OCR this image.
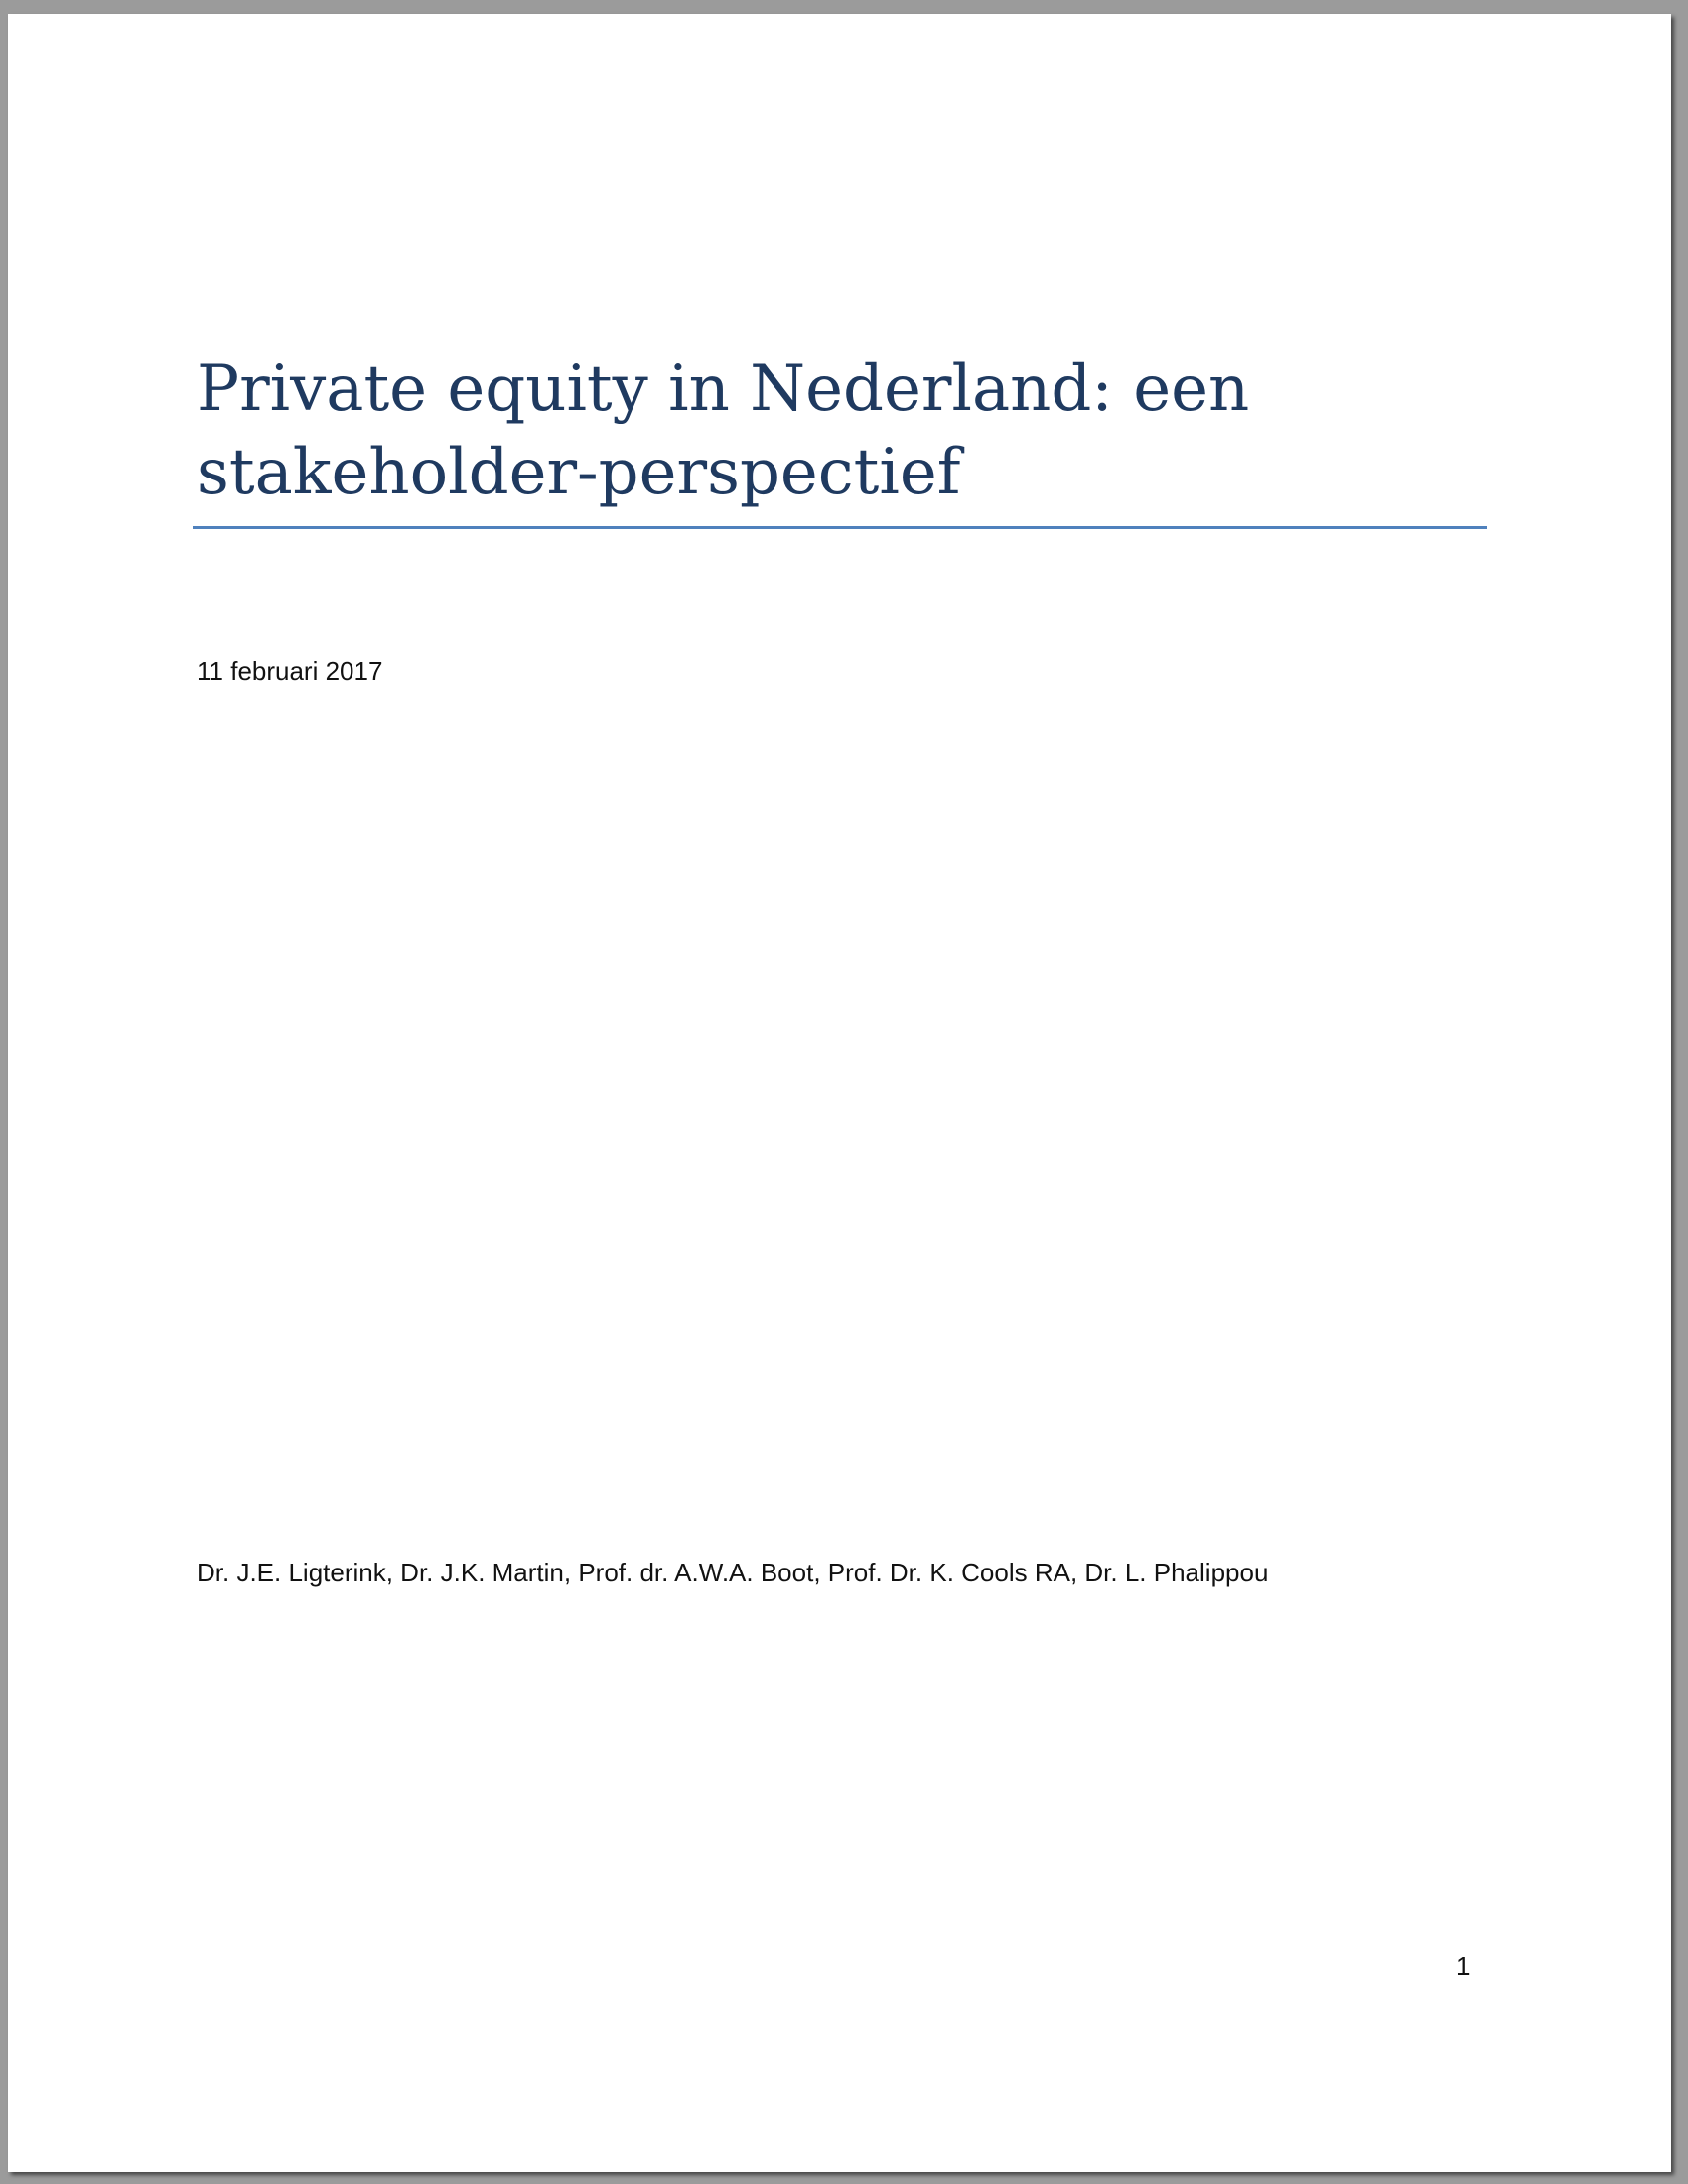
Private equity in Nederland: een
stakeholder-perspectief
11 februari 2017
Dr. J.E. Ligterink, Dr. J.K. Martin, Prof. dr. A.W.A. Boot, Prof. Dr. K. Cools RA, Dr. L. Phalippou
1
